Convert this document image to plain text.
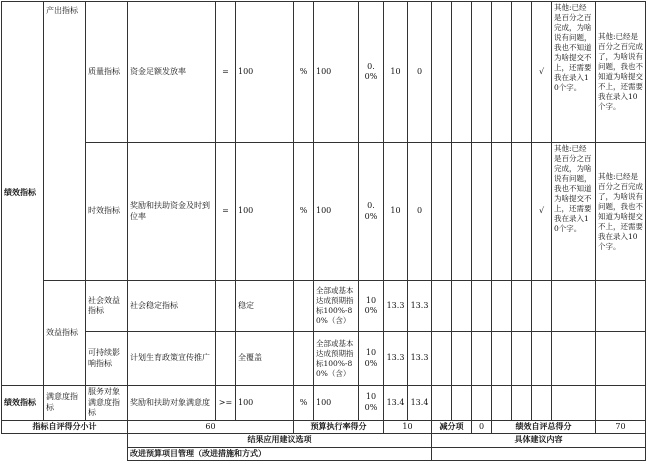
绩效指标	产出指标	质量指标	资金足额发放率	=	100	%	100	0.0%	10	0						√	其他:已经是百分之百完成，为啥说有问题，我也不知道为啥提交不上，还需要我在录入10个字。	其他:已经是百分之百完成了，为啥说有问题，我也不知道为啥提交不上，还需要我在录入10个字。
		时效指标	奖励和扶助资金及时到位率	=	100	%	100	0.0%	10	0						√	其他:已经是百分之百完成，为啥说有问题，我也不知道为啥提交不上，还需要我在录入10个字。	其他:已经是百分之百完成了，为啥说有问题，我也不知道为啥提交不上，还需要我在录入10个字。
	效益指标	社会效益指标	社会稳定指标		稳定		全部或基本达成预期指标100%-80%（含）	100%	13.3	13.3								
		可持续影响指标	计划生育政策宣传推广		全覆盖		全部或基本达成预期指标100%-80%（含）	100%	13.3	13.3								
绩效指标	满意度指标	服务对象满意度指标	奖励和扶助对象满意度	>=	100	%	100	100%	13.4	13.4								
指标自评得分小计			60			预算执行率得分			10		减分项		0	绩效自评总得分				70
			结果应用建议选项								具体建议内容							
			改进预算项目管理（改进措施和方式）															
